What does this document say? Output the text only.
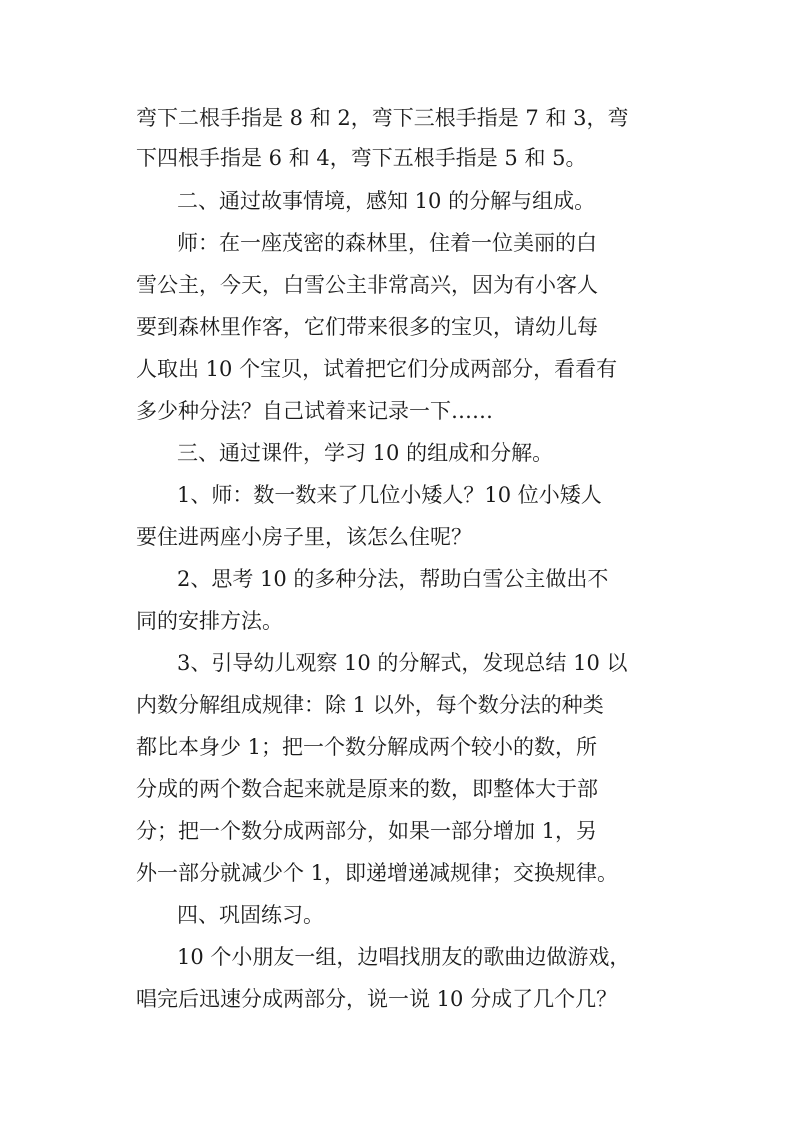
弯下二根手指是 8 和 2，弯下三根手指是 7 和 3，弯
下四根手指是 6 和 4，弯下五根手指是 5 和 5。
二、通过故事情境，感知 10 的分解与组成。
师：在一座茂密的森林里，住着一位美丽的白
雪公主，今天，白雪公主非常高兴，因为有小客人
要到森林里作客，它们带来很多的宝贝，请幼儿每
人取出 10 个宝贝，试着把它们分成两部分，看看有
多少种分法？自己试着来记录一下……
三、通过课件，学习 10 的组成和分解。
1、师：数一数来了几位小矮人？10 位小矮人
要住进两座小房子里，该怎么住呢？
2、思考 10 的多种分法，帮助白雪公主做出不
同的安排方法。
3、引导幼儿观察 10 的分解式，发现总结 10 以
内数分解组成规律：除 1 以外，每个数分法的种类
都比本身少 1；把一个数分解成两个较小的数，所
分成的两个数合起来就是原来的数，即整体大于部
分；把一个数分成两部分，如果一部分增加 1，另
外一部分就减少个 1，即递增递减规律；交换规律。
四、巩固练习。
10 个小朋友一组，边唱找朋友的歌曲边做游戏，
唱完后迅速分成两部分，说一说 10 分成了几个几？
